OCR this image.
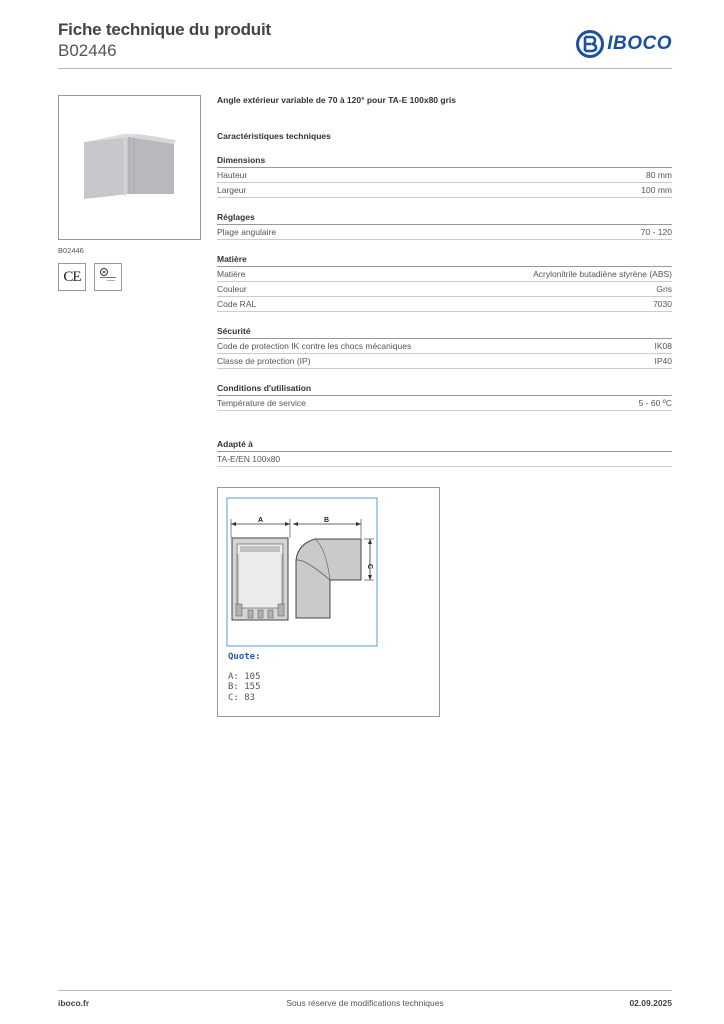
Fiche technique du produit
B02446	IBOCO
B02446
CE
Angle extérieur variable de 70 à 120° pour TA-E 100x80 gris
Caractéristiques techniques
Dimensions
Hauteur	80 mm
Largeur	100 mm
Réglages
Plage angulaire	70 - 120
Matière
Matière	Acrylonitrile butadiène styrène (ABS)
Couleur	Gris
Code RAL	7030
Sécurité
Code de protection IK contre les chocs mécaniques	IK08
Classe de protection (IP)	IP40
Conditions d'utilisation
Température de service	5 - 60 ºC
Adapté à
TA-E/EN 100x80
A	B
C
Quote:
A: 105
B: 155
C: 83
iboco.fr	Sous réserve de modifications techniques	02.09.2025
